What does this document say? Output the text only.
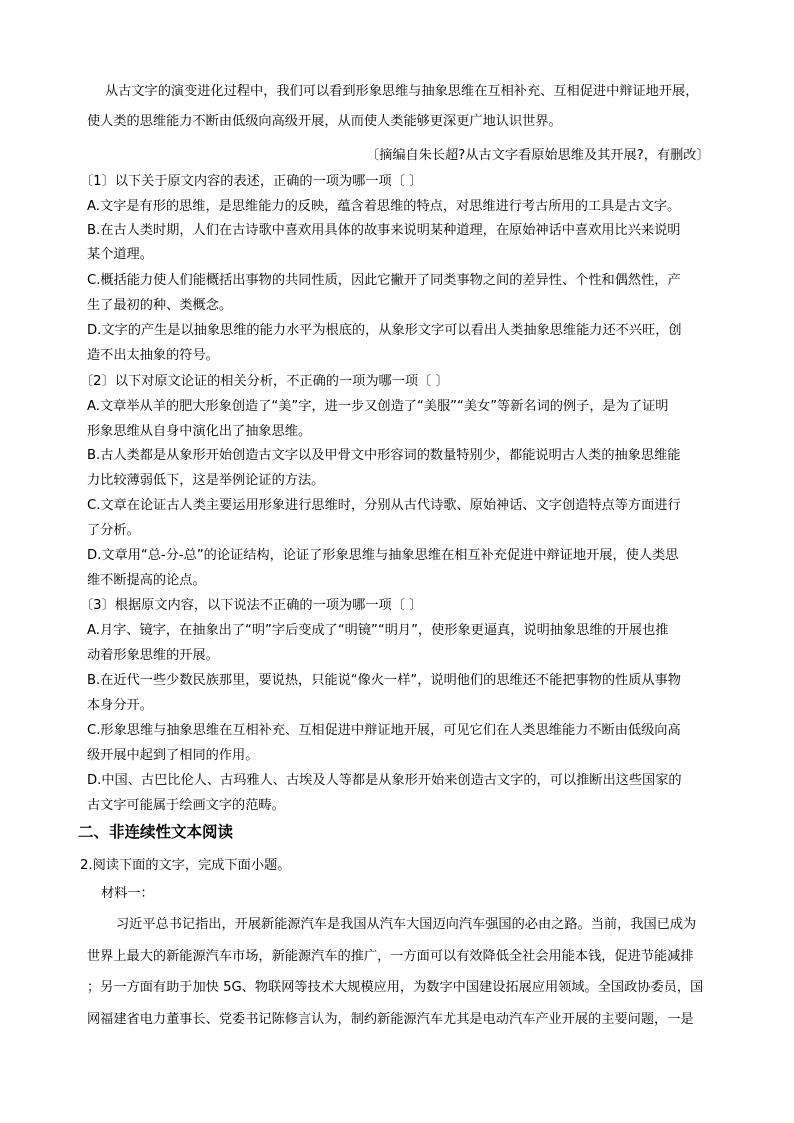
从古文字的演变进化过程中，我们可以看到形象思维与抽象思维在互相补充、互相促进中辩证地开展，
使人类的思维能力不断由低级向高级开展，从而使人类能够更深更广地认识世界。
〔摘编自朱长超?从古文字看原始思维及其开展?，有删改〕
〔1〕以下关于原文内容的表述，正确的一项为哪一项〔 〕
A.文字是有形的思维，是思维能力的反映，蕴含着思维的特点，对思维进行考古所用的工具是古文字。
B.在古人类时期，人们在古诗歌中喜欢用具体的故事来说明某种道理，在原始神话中喜欢用比兴来说明
某个道理。
C.概括能力使人们能概括出事物的共同性质，因此它撇开了同类事物之间的差异性、个性和偶然性，产
生了最初的种、类概念。
D.文字的产生是以抽象思维的能力水平为根底的，从象形文字可以看出人类抽象思维能力还不兴旺，创
造不出太抽象的符号。
〔2〕以下对原文论证的相关分析，不正确的一项为哪一项〔 〕
A.文章举从羊的肥大形象创造了“美”字，进一步又创造了“美服”“美女”等新名词的例子，是为了证明
形象思维从自身中演化出了抽象思维。
B.古人类都是从象形开始创造古文字以及甲骨文中形容词的数量特别少，都能说明古人类的抽象思维能
力比较薄弱低下，这是举例论证的方法。
C.文章在论证古人类主要运用形象进行思维时，分别从古代诗歌、原始神话、文字创造特点等方面进行
了分析。
D.文章用“总-分-总”的论证结构，论证了形象思维与抽象思维在相互补充促进中辩证地开展，使人类思
维不断提高的论点。
〔3〕根据原文内容，以下说法不正确的一项为哪一项〔 〕
A.月字、镜字，在抽象出了“明”字后变成了“明镜”“明月”，使形象更逼真，说明抽象思维的开展也推
动着形象思维的开展。
B.在近代一些少数民族那里，要说热，只能说“像火一样”，说明他们的思维还不能把事物的性质从事物
本身分开。
C.形象思维与抽象思维在互相补充、互相促进中辩证地开展，可见它们在人类思维能力不断由低级向高
级开展中起到了相同的作用。
D.中国、古巴比伦人、古玛雅人、古埃及人等都是从象形开始来创造古文字的，可以推断出这些国家的
古文字可能属于绘画文字的范畴。
二、非连续性文本阅读
2.阅读下面的文字，完成下面小题。
材料一：
习近平总书记指出，开展新能源汽车是我国从汽车大国迈向汽车强国的必由之路。当前，我国已成为
世界上最大的新能源汽车市场，新能源汽车的推广，一方面可以有效降低全社会用能本钱，促进节能减排
；另一方面有助于加快 5G、物联网等技术大规模应用，为数字中国建设拓展应用领域。全国政协委员，国
网福建省电力董事长、党委书记陈修言认为，制约新能源汽车尤其是电动汽车产业开展的主要问题，一是
